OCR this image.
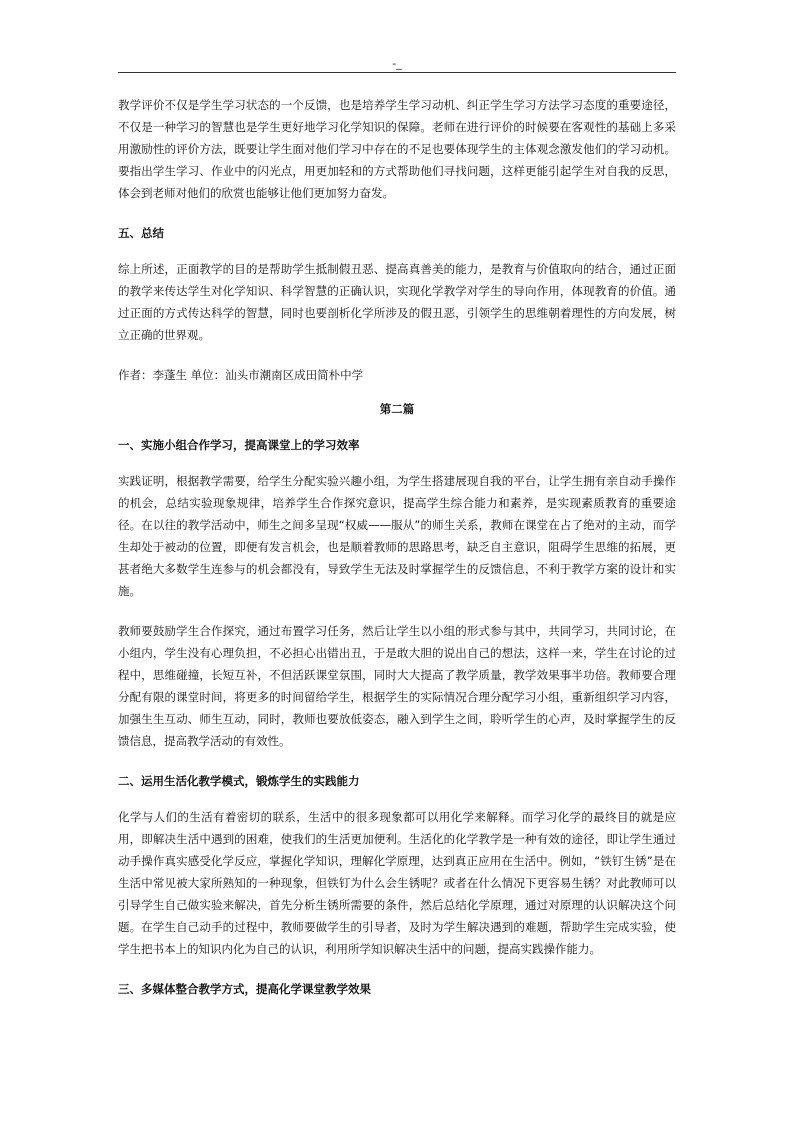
-_

教学评价不仅是学生学习状态的一个反馈，也是培养学生学习动机、纠正学生学习方法学习态度的重要途径，不仅是一种学习的智慧也是学生更好地学习化学知识的保障。老师在进行评价的时候要在客观性的基础上多采用激励性的评价方法，既要让学生面对他们学习中存在的不足也要体现学生的主体观念激发他们的学习动机。要指出学生学习、作业中的闪光点，用更加轻和的方式帮助他们寻找问题，这样更能引起学生对自我的反思，体会到老师对他们的欣赏也能够让他们更加努力奋发。

五、总结

综上所述，正面教学的目的是帮助学生抵制假丑恶、提高真善美的能力，是教育与价值取向的结合，通过正面的教学来传达学生对化学知识、科学智慧的正确认识，实现化学教学对学生的导向作用，体现教育的价值。通过正面的方式传达科学的智慧，同时也要剖析化学所涉及的假丑恶，引领学生的思维朝着理性的方向发展，树立正确的世界观。

作者：李蓬生 单位：汕头市潮南区成田简朴中学

第二篇
一、实施小组合作学习，提高课堂上的学习效率

实践证明，根据教学需要，给学生分配实验兴趣小组，为学生搭建展现自我的平台，让学生拥有亲自动手操作的机会，总结实验现象规律，培养学生合作探究意识，提高学生综合能力和素养，是实现素质教育的重要途径。在以往的教学活动中，师生之间多呈现“权威——服从”的师生关系，教师在课堂在占了绝对的主动，而学生却处于被动的位置，即便有发言机会，也是顺着教师的思路思考，缺乏自主意识，阻碍学生思维的拓展，更甚者绝大多数学生连参与的机会都没有，导致学生无法及时掌握学生的反馈信息，不利于教学方案的设计和实施。

教师要鼓励学生合作探究，通过布置学习任务，然后让学生以小组的形式参与其中，共同学习，共同讨论，在小组内，学生没有心理负担，不必担心出错出丑，于是敢大胆的说出自己的想法，这样一来，学生在讨论的过程中，思维碰撞，长短互补，不但活跃课堂氛围，同时大大提高了教学质量，教学效果事半功倍。教师要合理分配有限的课堂时间，将更多的时间留给学生，根据学生的实际情况合理分配学习小组，重新组织学习内容，加强生生互动、师生互动，同时，教师也要放低姿态，融入到学生之间，聆听学生的心声，及时掌握学生的反馈信息，提高教学活动的有效性。

二、运用生活化教学模式，锻炼学生的实践能力

化学与人们的生活有着密切的联系，生活中的很多现象都可以用化学来解释。而学习化学的最终目的就是应用，即解决生活中遇到的困难，使我们的生活更加便利。生活化的化学教学是一种有效的途径，即让学生通过动手操作真实感受化学反应，掌握化学知识，理解化学原理，达到真正应用在生活中。例如，“铁钉生锈”是在生活中常见被大家所熟知的一种现象，但铁钉为什么会生锈呢？或者在什么情况下更容易生锈？对此教师可以引导学生自己做实验来解决，首先分析生锈所需要的条件，然后总结化学原理，通过对原理的认识解决这个问题。在学生自己动手的过程中，教师要做学生的引导者，及时为学生解决遇到的难题，帮助学生完成实验，使学生把书本上的知识内化为自己的认识，利用所学知识解决生活中的问题，提高实践操作能力。

三、多媒体整合教学方式，提高化学课堂教学效果
